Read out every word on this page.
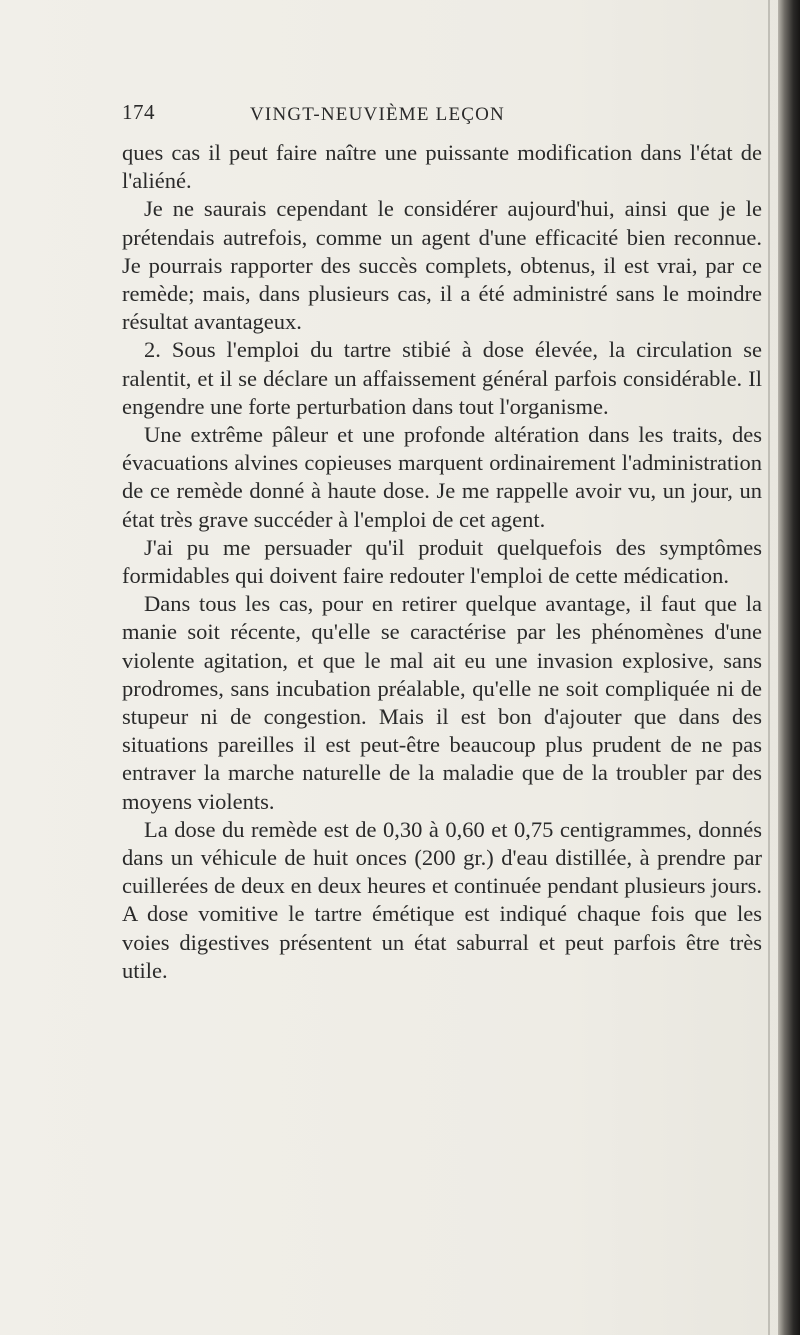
174	VINGT-NEUVIÈME LEÇON

ques cas il peut faire naître une puissante modification dans l'état de l'aliéné.

Je ne saurais cependant le considérer aujourd'hui, ainsi que je le prétendais autrefois, comme un agent d'une efficacité bien reconnue. Je pourrais rapporter des succès complets, obtenus, il est vrai, par ce remède; mais, dans plusieurs cas, il a été administré sans le moindre résultat avantageux.

2. Sous l'emploi du tartre stibié à dose élevée, la circulation se ralentit, et il se déclare un affaissement général parfois considérable. Il engendre une forte perturbation dans tout l'organisme.

Une extrême pâleur et une profonde altération dans les traits, des évacuations alvines copieuses marquent ordinairement l'administration de ce remède donné à haute dose. Je me rappelle avoir vu, un jour, un état très grave succéder à l'emploi de cet agent.

J'ai pu me persuader qu'il produit quelquefois des symptômes formidables qui doivent faire redouter l'emploi de cette médication.

Dans tous les cas, pour en retirer quelque avantage, il faut que la manie soit récente, qu'elle se caractérise par les phénomènes d'une violente agitation, et que le mal ait eu une invasion explosive, sans prodromes, sans incubation préalable, qu'elle ne soit compliquée ni de stupeur ni de congestion. Mais il est bon d'ajouter que dans des situations pareilles il est peut-être beaucoup plus prudent de ne pas entraver la marche naturelle de la maladie que de la troubler par des moyens violents.

La dose du remède est de 0,30 à 0,60 et 0,75 centigrammes, donnés dans un véhicule de huit onces (200 gr.) d'eau distillée, à prendre par cuillerées de deux en deux heures et continuée pendant plusieurs jours. A dose vomitive le tartre émétique est indiqué chaque fois que les voies digestives présentent un état saburral et peut parfois être très utile.
